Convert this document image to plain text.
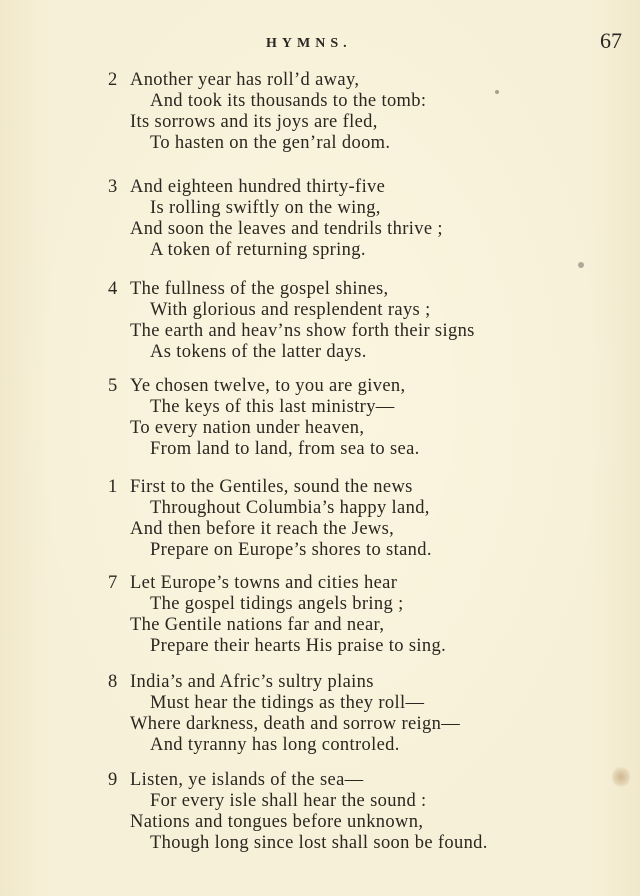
HYMNS.	67
2 Another year has roll’d away,
And took its thousands to the tomb:
Its sorrows and its joys are fled,
To hasten on the gen’ral doom.
3 And eighteen hundred thirty-five
Is rolling swiftly on the wing,
And soon the leaves and tendrils thrive ;
A token of returning spring.
4 The fullness of the gospel shines,
With glorious and resplendent rays ;
The earth and heav’ns show forth their signs
As tokens of the latter days.
5 Ye chosen twelve, to you are given,
The keys of this last ministry—
To every nation under heaven,
From land to land, from sea to sea.
1 First to the Gentiles, sound the news
Throughout Columbia’s happy land,
And then before it reach the Jews,
Prepare on Europe’s shores to stand.
7 Let Europe’s towns and cities hear
The gospel tidings angels bring ;
The Gentile nations far and near,
Prepare their hearts His praise to sing.
8 India’s and Afric’s sultry plains
Must hear the tidings as they roll—
Where darkness, death and sorrow reign—
And tyranny has long controled.
9 Listen, ye islands of the sea—
For every isle shall hear the sound :
Nations and tongues before unknown,
Though long since lost shall soon be found.
